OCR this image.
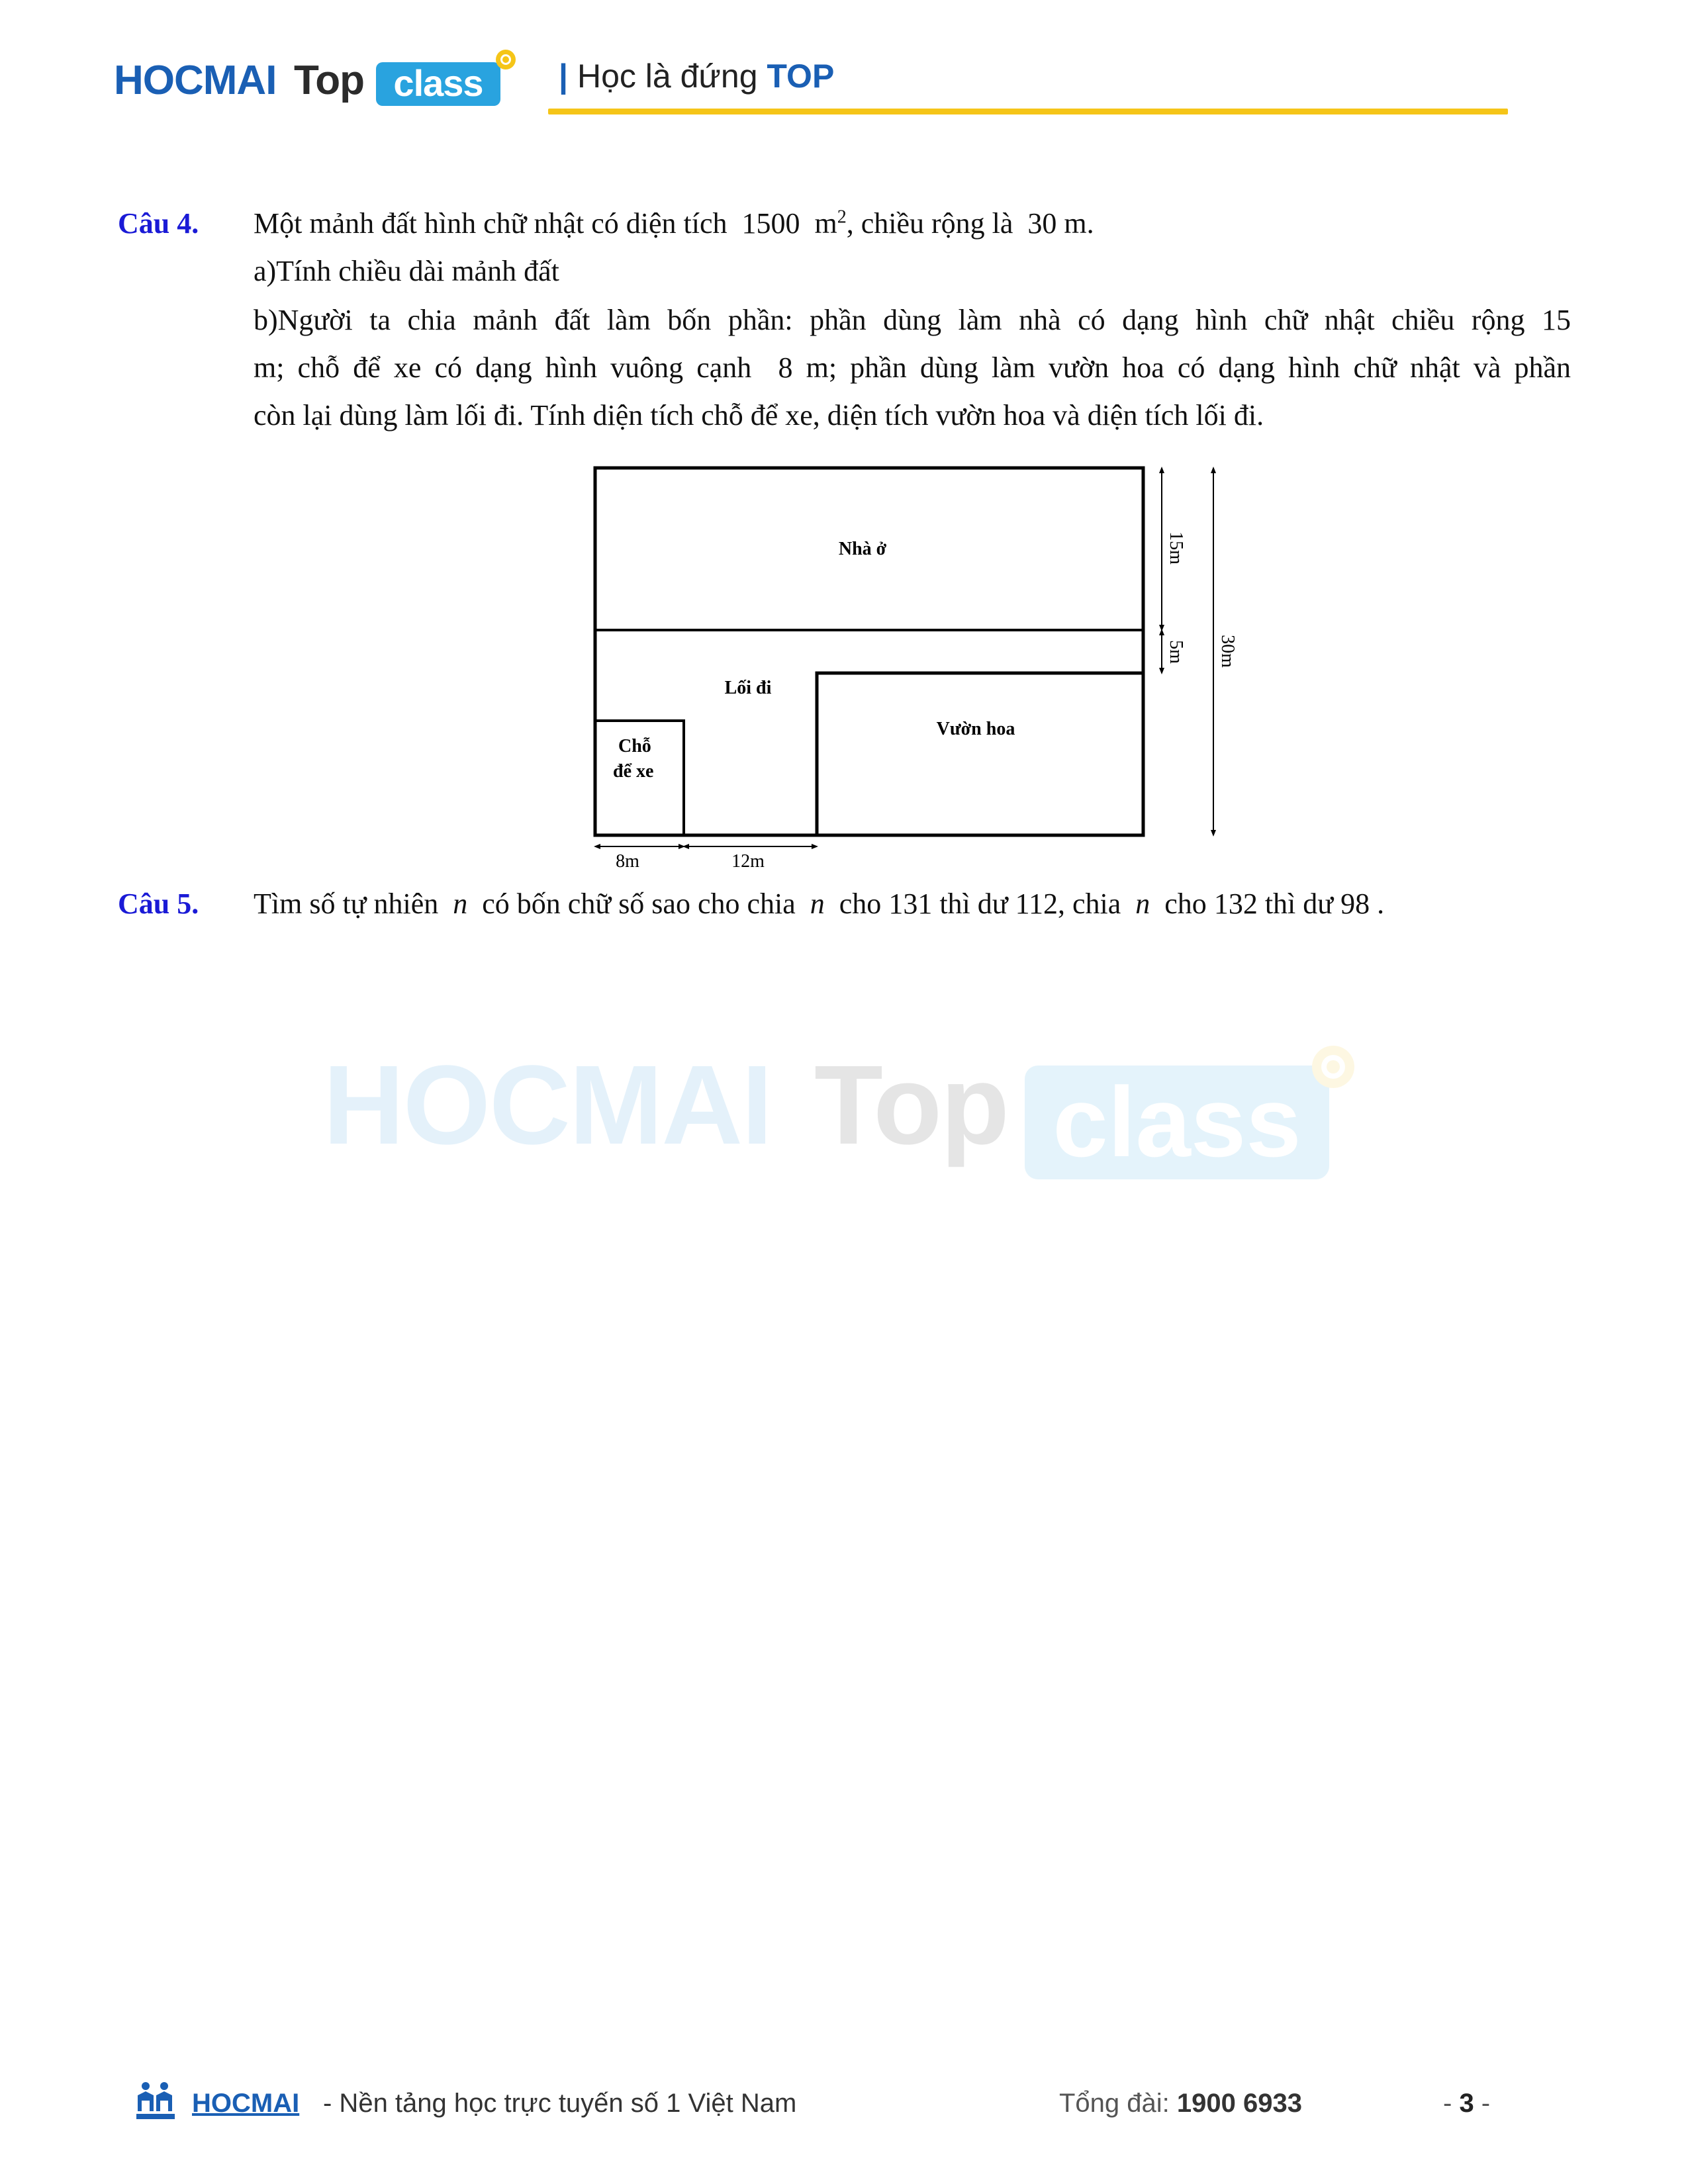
HOCMAI Top class	| Học là đứng TOP
Câu 4. Một mảnh đất hình chữ nhật có diện tích 1500 $m^2$, chiều rộng là 30 m.
a)Tính chiều dài mảnh đất
b)Người ta chia mảnh đất làm bốn phần: phần dùng làm nhà có dạng hình chữ nhật chiều rộng 15
m; chỗ để xe có dạng hình vuông cạnh 8 m; phần dùng làm vườn hoa có dạng hình chữ nhật và phần
còn lại dùng làm lối đi. Tính diện tích chỗ để xe, diện tích vườn hoa và diện tích lối đi.
Nhà ở
Lối đi
Vườn hoa
Chỗ
để xe
15m
5m 30m
8m	12m
Câu 5. Tìm số tự nhiên n có bốn chữ số sao cho chia n cho 131 thì dư 112, chia n cho 132 thì dư 98 .
HOCMAI Top class
HOCMAI - Nền tảng học trực tuyến số 1 Việt Nam	Tổng đài: 1900 6933	- 3 -
